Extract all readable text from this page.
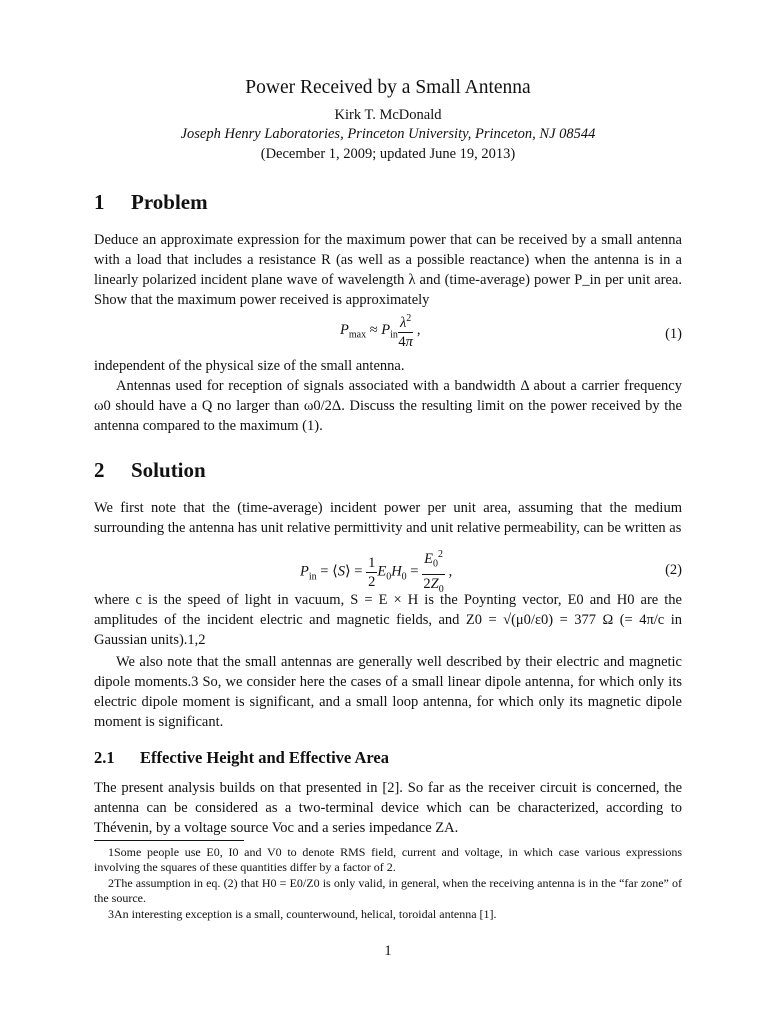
Power Received by a Small Antenna
Kirk T. McDonald
Joseph Henry Laboratories, Princeton University, Princeton, NJ 08544
(December 1, 2009; updated June 19, 2013)
1 Problem
Deduce an approximate expression for the maximum power that can be received by a small antenna with a load that includes a resistance R (as well as a possible reactance) when the antenna is in a linearly polarized incident plane wave of wavelength λ and (time-average) power P_in per unit area. Show that the maximum power received is approximately
$P_{max} \approx P_{in} \frac{\lambda^2}{4\pi}$ ,	(1)
independent of the physical size of the small antenna.
Antennas used for reception of signals associated with a bandwidth Δ about a carrier frequency ω0 should have a Q no larger than ω0/2Δ. Discuss the resulting limit on the power received by the antenna compared to the maximum (1).
2 Solution
We first note that the (time-average) incident power per unit area, assuming that the medium surrounding the antenna has unit relative permittivity and unit relative permeability, can be written as
$P_{in}$ = ⟨S⟩ = $\frac{1}{2} E_0H_0 = \frac{E_0^2}{2Z_0}$ ,	(2)
where c is the speed of light in vacuum, S = E × H is the Poynting vector, E0 and H0 are the amplitudes of the incident electric and magnetic fields, and Z0 = √(μ0/ε0) = 377 Ω (= 4π/c in Gaussian units).1,2
We also note that the small antennas are generally well described by their electric and magnetic dipole moments.3 So, we consider here the cases of a small linear dipole antenna, for which only its electric dipole moment is significant, and a small loop antenna, for which only its magnetic dipole moment is significant.
2.1 Effective Height and Effective Area
The present analysis builds on that presented in [2]. So far as the receiver circuit is concerned, the antenna can be considered as a two-terminal device which can be characterized, according to Thévenin, by a voltage source Voc and a series impedance ZA.
1Some people use E0, I0 and V0 to denote RMS field, current and voltage, in which case various expressions involving the squares of these quantities differ by a factor of 2.
2The assumption in eq. (2) that H0 = E0/Z0 is only valid, in general, when the receiving antenna is in the “far zone” of the source.
3An interesting exception is a small, counterwound, helical, toroidal antenna [1].
1
